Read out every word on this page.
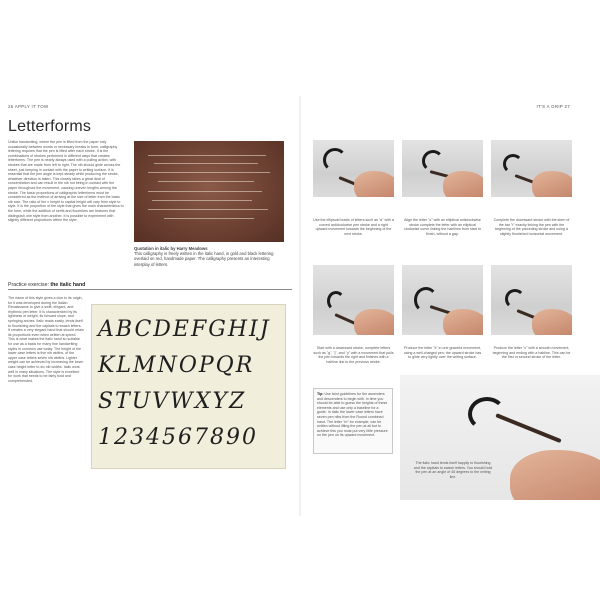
26 APPLY IT TOW	IT'S A GRIP 27
Letterforms
Unlike handwriting, where the pen is lifted from the paper only occasionally between words or necessary breaks in form, calligraphy lettering requires that the pen is lifted after each stroke. It is the combinations of strokes performed in different ways that creates letterforms. The pen is nearly always used with a pulling action, with strokes that are made from left to right. The nib should glide across the sheet, just keeping in contact with the paper to writing surface. It is essential that the pen angle is kept steady while producing the stroke, whatever direction is taken. This closely takes a great deal of concentration and can result in the nib not being in contact with the paper throughout the movement, causing uneven lengths among the stroke. The basic proportions of calligraphic letterforms must be considered as the method of arriving at the size of letter from the basic nib size. The ratio of the x height to capital height will vary from style to style. It is the proportion of the style that gives the main characteristics to the form, while the addition of serifs and flourishes are features that distinguish one style from another. It is possible to experiment with slightly different proportions within the style.
Quotation in italic by Harry Meadows
This calligraphy is freely written in the italic hand, in gold and black lettering overlaid on red, handmade paper. The calligraphy presents an interesting interplay of letters.
Practice exercise: the italic hand
The name of this style gives a clue to its origin, for it was developed during the Italian Renaissance to give a swift, elegant, and rhythmic pen letter. It is characterized by its lightness of weight, its forward slope, and springing arches. Italic reads easily, lends itself to flourishing and the capitals to swash letters. It creates a very elegant hand that should retain its proportions even when written at speed. This is what makes the italic hand so suitable for use as a basis for many fine handwriting styles in common use today. The height of the lower case letters is five nib widths, of the upper case letters seven nib widths. Lighter weight can be achieved by increasing the lower case height letter to six nib widths. Italic work well in many situations. The style is excellent for work that needs to be fairly bold and comprehended.
ABCDEFGHIJ
KLMNOPQR
STUVWXYZ
1234567890
Use the ellipsoid bowls of letters such as "a" with a curved anticlockwise pen stroke and a right upward movement towards the beginning of the next stroke.
Align the letter "o" with an elliptical anticlockwise stroke complete the letter with an elliptical clockwise curve linking the hairlines from start to finish, without a gap.
Complete the downward stroke with the stem of the bar "t" exactly linking the pen with the beginning of the preceding stroke and using a slightly flourished horizontal movement.
Start with a downward stroke, complete letters such as "g", "j", and "y" with a movement that pulls the pen towards the right and finishes with a hairline link to the previous stroke.
Produce the letter "k" in one graceful movement, using a well-charged pen; the upward stroke has to glide very lightly over the writing surface.
Produce the letter "v" with a smooth movement, beginning and ending with a hairline. This can be the first or second stroke of the letter.
Tip: Use faint guidelines for the ascenders and descenders to begin with. In time you should be able to guess the heights of these elements and use only a baseline for a guide. In italic the lower case letters have seven pen nibs from the Round combined hand. The letter "m" for example, can be written without lifting the pen at all but to achieve this you must put very little pressure on the pen on its upward movement.
The italic hand lends itself happily to flourishing and the capitals to swash letters. You should hold the pen at an angle of 45 degrees to the writing line.
